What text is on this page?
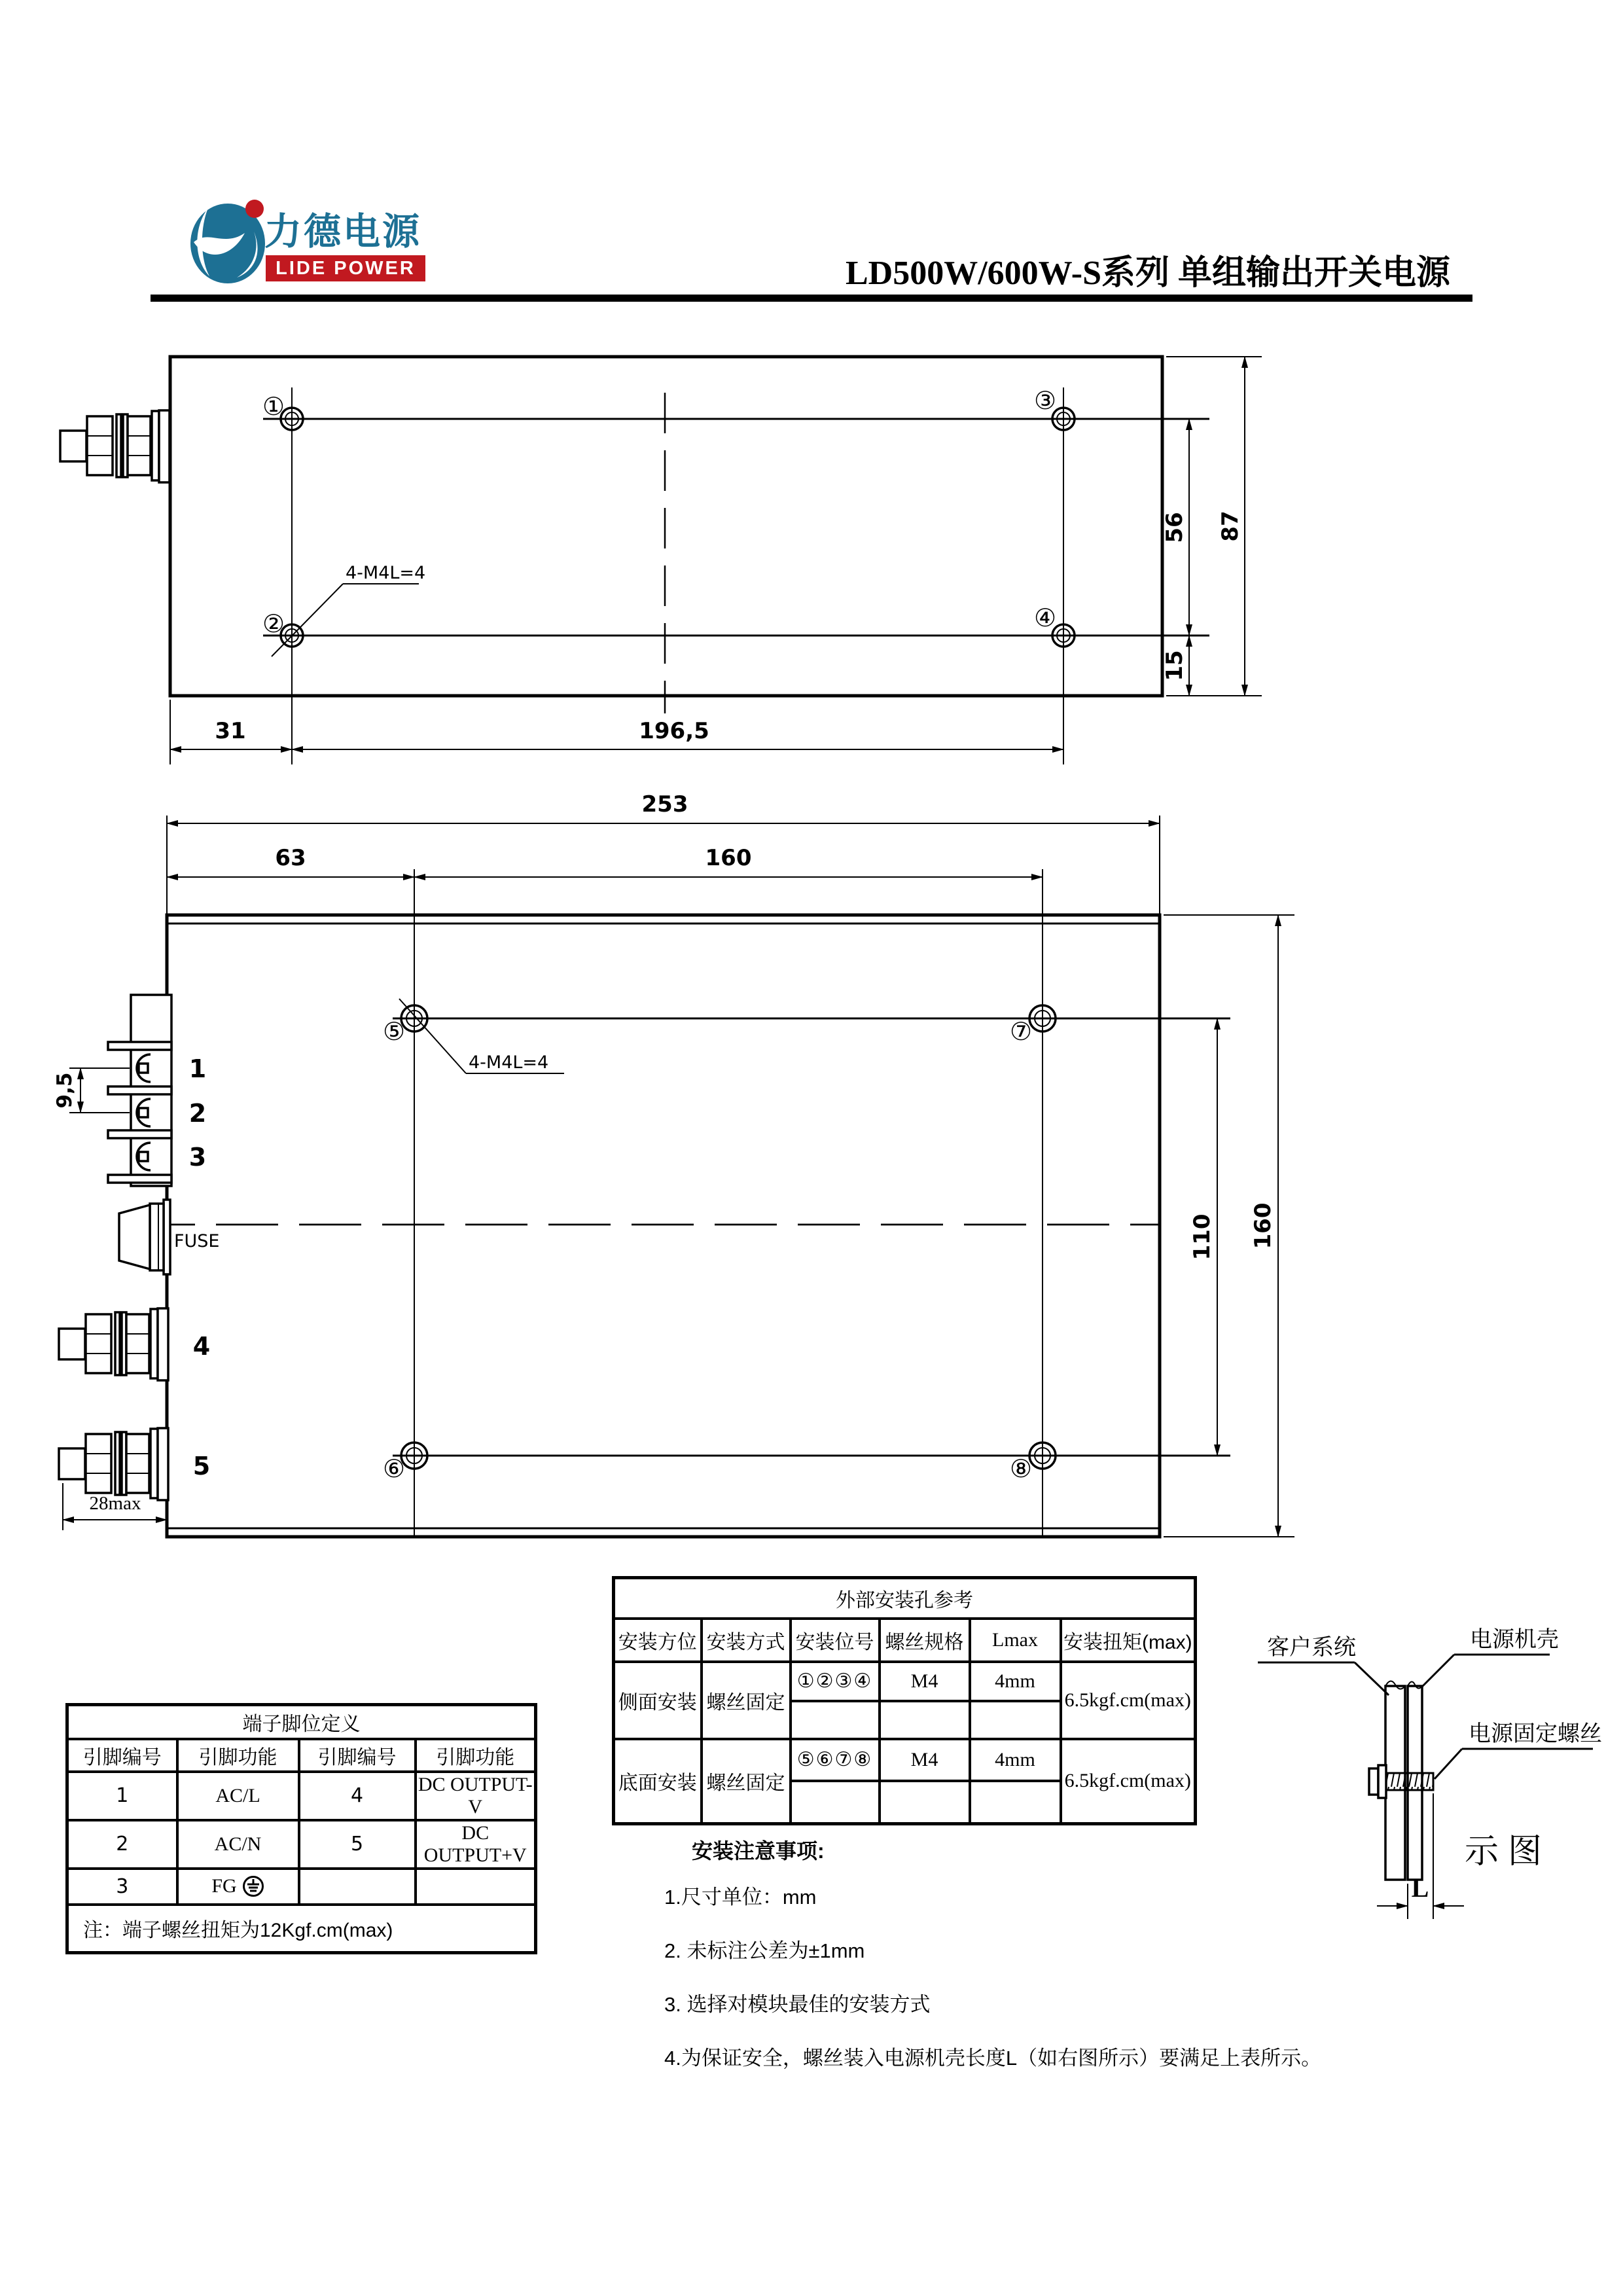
力德电源
LIDE POWER	LD500W/600W-S系列 单组输出开关电源
①	③
②	④
4-M4L=4
56
15
87
31	196,5
253
63	160
⑤	⑦
⑥	⑧
4-M4L=4
1
2
3
9,5
FUSE
4
5
28max
110 160
客户系统	电源机壳
电源固定螺丝
L
示图
端子脚位定义			
引脚编号	引脚功能	引脚编号	引脚功能
1	AC/L	4	DC OUTPUT-V
2	AC/N	5	DC OUTPUT+V
3	FG		

注：端子螺丝扭矩为12Kgf.cm(max)			
外部安装孔参考					
安装方位	安装方式	安装位号	螺丝规格	Lmax	安装扭矩(max)
侧面安装	螺丝固定	①②③④	M4	4mm	6.5kgf.cm(max)

底面安装	螺丝固定	⑤⑥⑦⑧	M4	4mm	6.5kgf.cm(max)

安装注意事项:
1.尺寸单位：mm
2. 未标注公差为±1mm
3. 选择对模块最佳的安装方式
4.为保证安全，螺丝装入电源机壳长度L（如右图所示）要满足上表所示。
